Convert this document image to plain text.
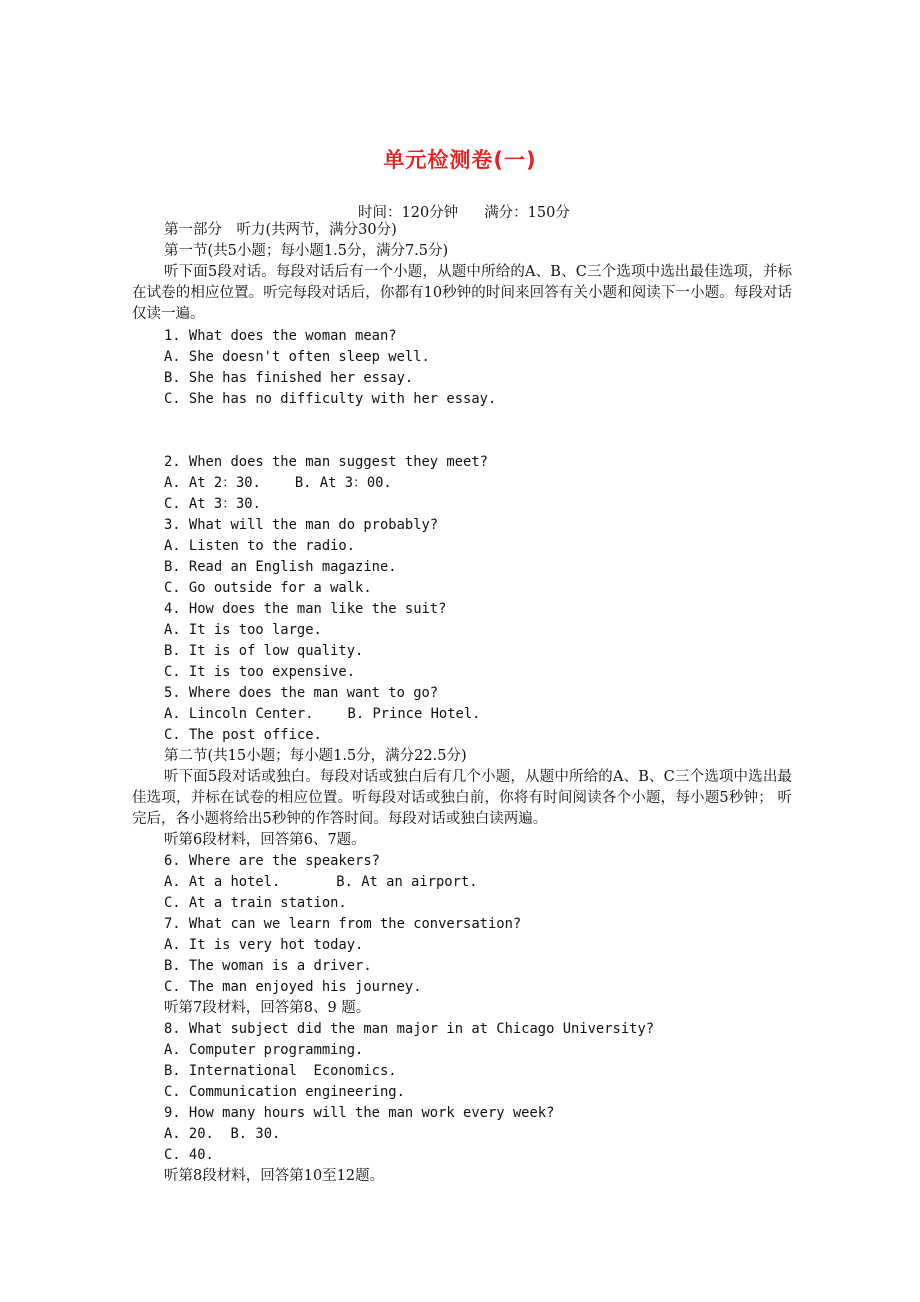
单元检测卷(一)
时间：120分钟 满分：150分
第一部分　听力(共两节，满分30分)
第一节(共5小题；每小题1.5分，满分7.5分)
听下面5段对话。每段对话后有一个小题，从题中所给的A、B、C三个选项中选出最佳选项，并标在试卷的相应位置。听完每段对话后，你都有10秒钟的时间来回答有关小题和阅读下一小题。每段对话仅读一遍。
1. What does the woman mean?
A. She doesn't often sleep well.
B. She has finished her essay.
C. She has no difficulty with her essay.
2. When does the man suggest they meet?
A. At 2：30. B. At 3：00.
C. At 3：30.
3. What will the man do probably?
A. Listen to the radio.
B. Read an English magazine.
C. Go outside for a walk.
4. How does the man like the suit?
A. It is too large.
B. It is of low quality.
C. It is too expensive.
5. Where does the man want to go?
A. Lincoln Center. B. Prince Hotel.
C. The post office.
第二节(共15小题；每小题1.5分，满分22.5分)
听下面5段对话或独白。每段对话或独白后有几个小题，从题中所给的A、B、C三个选项中选出最佳选项，并标在试卷的相应位置。听每段对话或独白前，你将有时间阅读各个小题，每小题5秒钟； 听完后，各小题将给出5秒钟的作答时间。每段对话或独白读两遍。
听第6段材料，回答第6、7题。
6. Where are the speakers?
A. At a hotel.	B. At an airport.
C. At a train station.
7. What can we learn from the conversation?
A. It is very hot today.
B. The woman is a driver.
C. The man enjoyed his journey.
听第7段材料，回答第8、9 题。
8. What subject did the man major in at Chicago University?
A. Computer programming.
B. International  Economics.
C. Communication engineering.
9. How many hours will the man work every week?
A. 20. B. 30.
C. 40.
听第8段材料，回答第10至12题。
